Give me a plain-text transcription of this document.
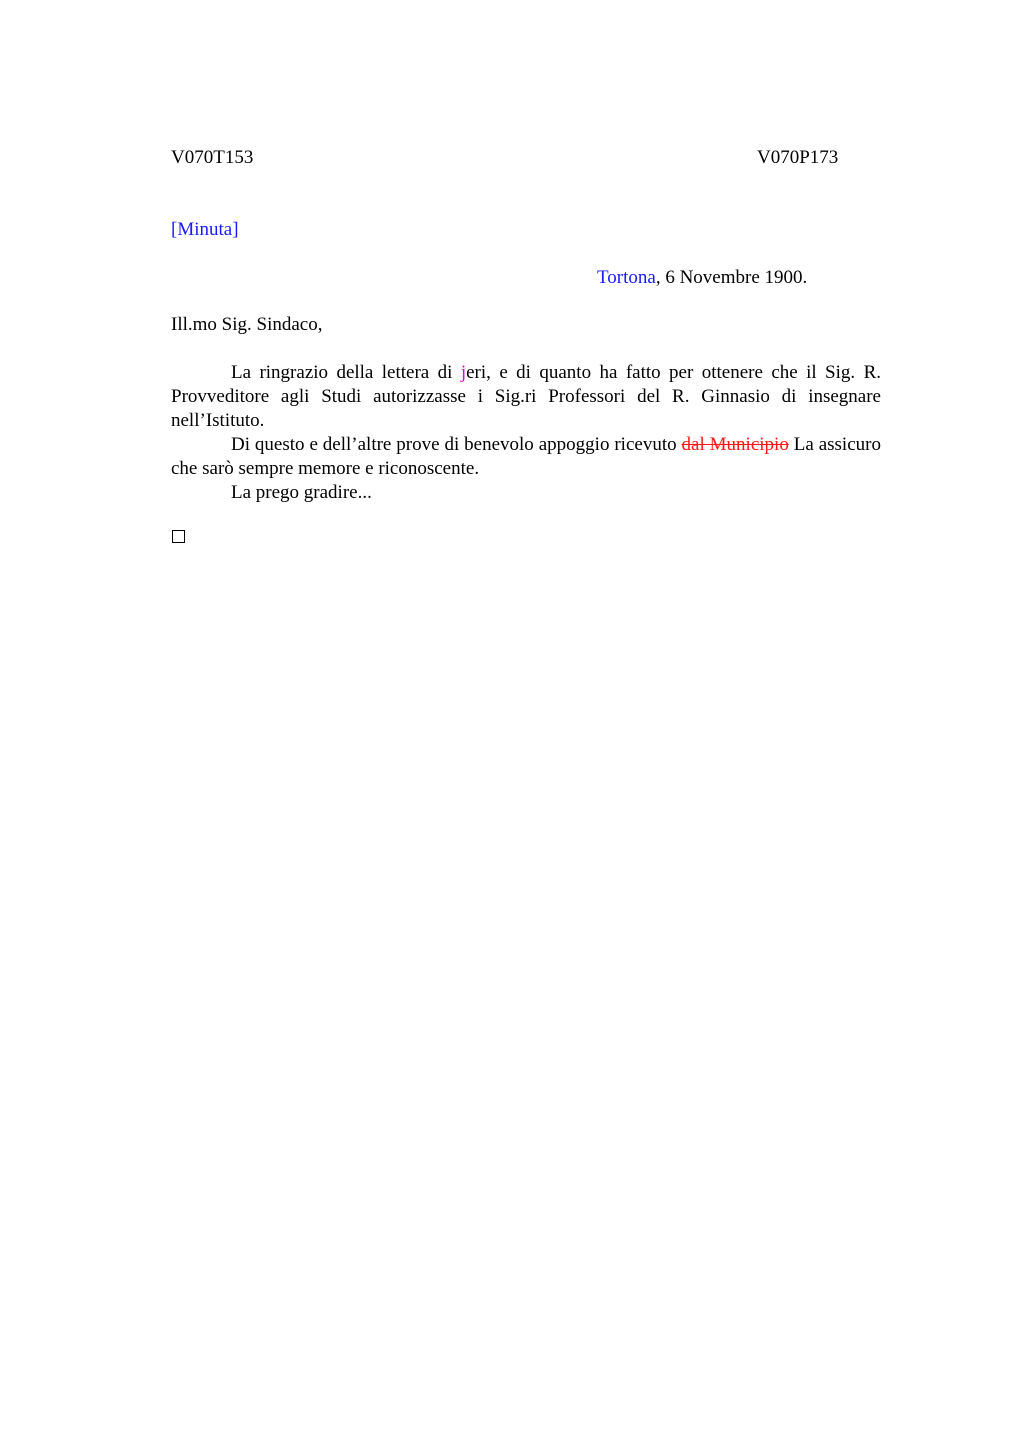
V070T153	V070P173
[Minuta]
Tortona, 6 Novembre 1900.
Ill.mo Sig. Sindaco,

La ringrazio della lettera di jeri, e di quanto ha fatto per ottenere che il Sig. R. Provveditore agli Studi autorizzasse i Sig.ri Professori del R. Ginnasio di insegnare nell’Istituto.

Di questo e dell’altre prove di benevolo appoggio ricevuto dal Municipio La assicuro che sarò sempre memore e riconoscente.

La prego gradire...
